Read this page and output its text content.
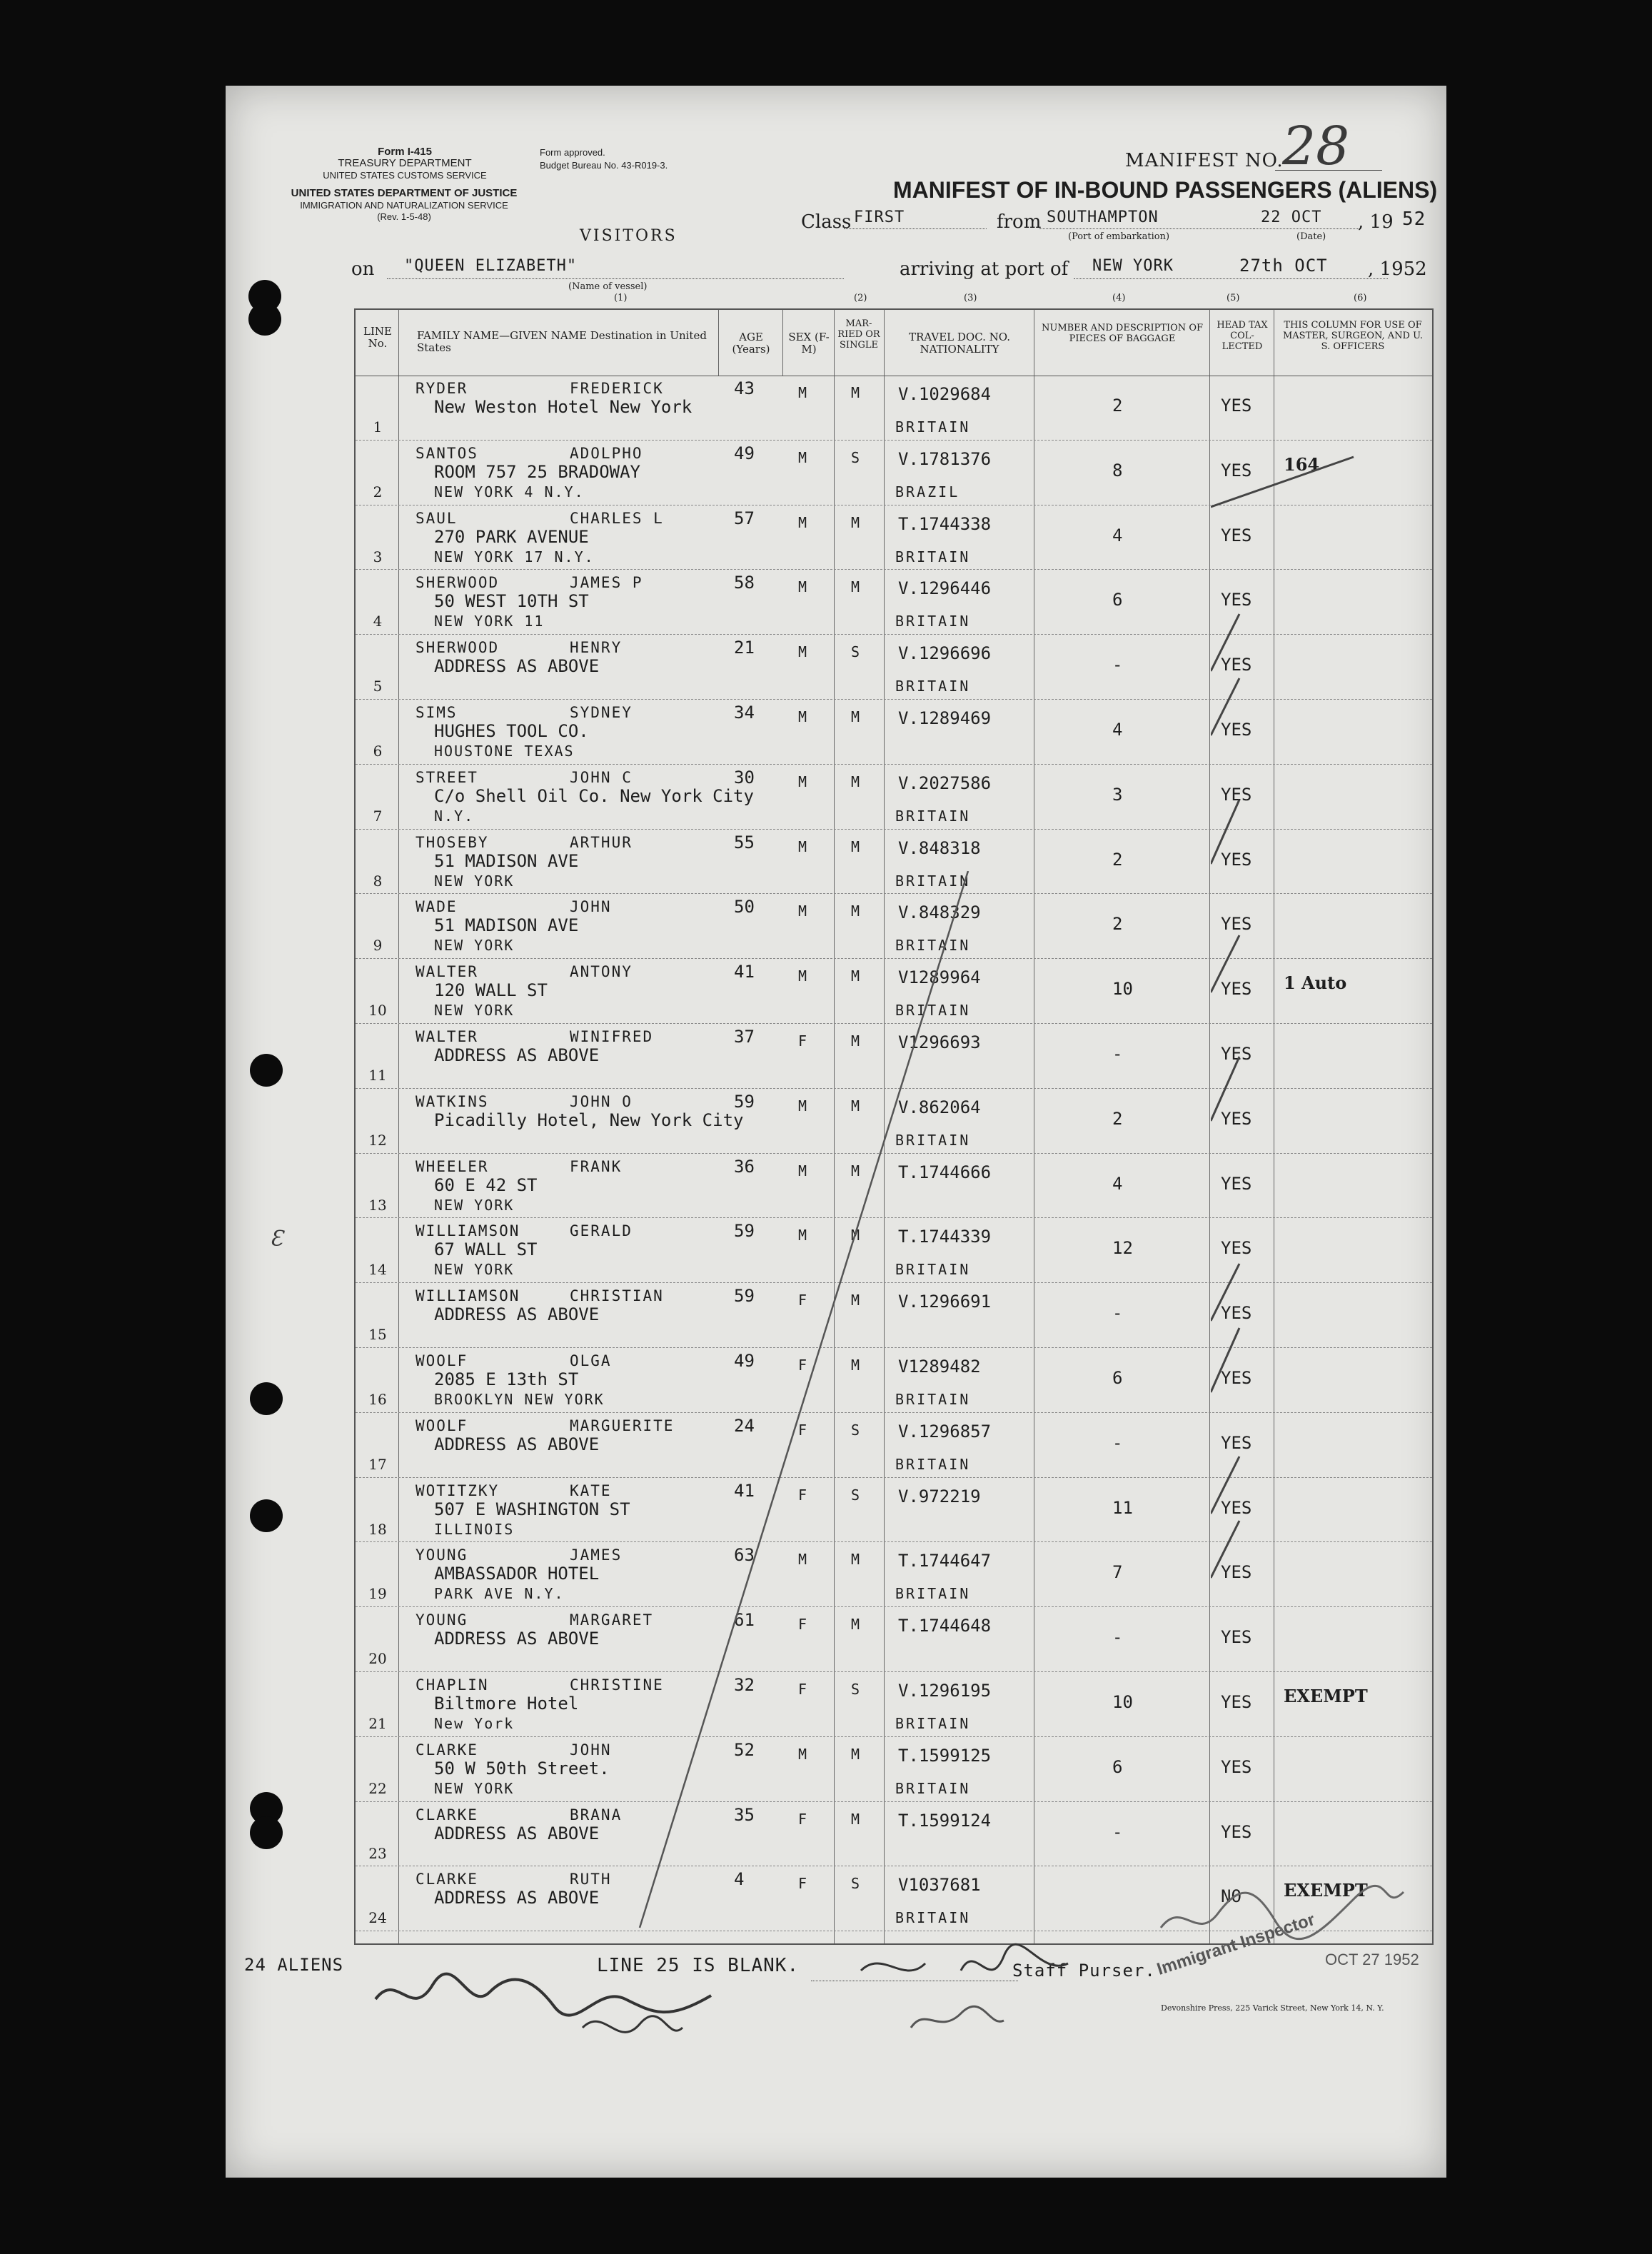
Form I-415
TREASURY DEPARTMENT
UNITED STATES CUSTOMS SERVICE
UNITED STATES DEPARTMENT OF JUSTICE
IMMIGRATION AND NATURALIZATION SERVICE
(Rev. 1-5-48)
Form approved.
Budget Bureau No. 43-R019-3.	MANIFEST NO.
28
MANIFEST OF IN-BOUND PASSENGERS (ALIENS)
VISITORS
Class FIRST	from SOUTHAMPTON
(Port of embarkation)
22 OCT
(Date)
, 19 52
on "QUEEN ELIZABETH"
(Name of vessel)
(1)
arriving at port of NEW YORK	27th OCT , 1952
(2)	(3)	(4)	(5)	(6)
LINE No.
FAMILY NAME—GIVEN NAME Destination in United States
AGE (Years)
SEX (F-M)
MAR-RIED OR SINGLE
TRAVEL DOC. NO. NATIONALITY
NUMBER AND DESCRIPTION OF PIECES OF BAGGAGE
HEAD TAX COL-LECTED
THIS COLUMN FOR USE OF MASTER, SURGEON, AND U. S. OFFICERS
1
RYDER	FREDERICK
New Weston Hotel New York
43	M	M V.1029684
BRITAIN
2	YES
2
SANTOS	ADOLPHO
ROOM 757 25 BRADOWAY
NEW YORK 4 N.Y.
49	M	S V.1781376
BRAZIL
8	YES 164
3
SAUL	CHARLES L
270 PARK AVENUE
NEW YORK 17 N.Y.
57	M	M T.1744338
BRITAIN
4	YES
4
SHERWOOD	JAMES P
50 WEST 10TH ST
NEW YORK 11
58	M	M V.1296446
BRITAIN
6	YES
5
SHERWOOD	HENRY
ADDRESS AS ABOVE
21	M	S V.1296696
BRITAIN
-	YES
6
SIMS	SYDNEY
HUGHES TOOL CO.
HOUSTONE TEXAS
34	M	M V.1289469
4	YES
7
STREET	JOHN C
C/o Shell Oil Co. New York City
N.Y.
30	M	M V.2027586
BRITAIN
3	YES
8
THOSEBY	ARTHUR
51 MADISON AVE
NEW YORK
55	M	M V.848318
BRITAIN
2	YES
9
WADE	JOHN
51 MADISON AVE
NEW YORK
50	M	M V.848329
BRITAIN
2	YES
10
WALTER	ANTONY
120 WALL ST
NEW YORK
41	M	M V1289964
BRITAIN
10	YES 1 Auto
11
WALTER	WINIFRED
ADDRESS AS ABOVE
37	F	M V1296693
-	YES
12
WATKINS	JOHN O
Picadilly Hotel, New York City
59	M	M V.862064
BRITAIN
2	YES
13
WHEELER	FRANK
60 E 42 ST
NEW YORK
36	M	M T.1744666
4	YES
14
WILLIAMSON	GERALD
67 WALL ST
NEW YORK
59	M	M T.1744339
BRITAIN
12	YES
15
WILLIAMSON	CHRISTIAN
ADDRESS AS ABOVE
59	F	M V.1296691
-	YES
16
WOOLF	OLGA
2085 E 13th ST
BROOKLYN NEW YORK
49	F	M V1289482
BRITAIN
6	YES
17
WOOLF	MARGUERITE
ADDRESS AS ABOVE
24	F	S V.1296857
BRITAIN
-	YES
18
WOTITZKY	KATE
507 E WASHINGTON ST
ILLINOIS
41	F	S V.972219
11	YES
19
YOUNG	JAMES
AMBASSADOR HOTEL
PARK AVE N.Y.
63	M	M T.1744647
BRITAIN
7	YES
20
YOUNG	MARGARET
ADDRESS AS ABOVE
61	F	M T.1744648
-	YES
21
CHAPLIN	CHRISTINE
Biltmore Hotel
New York
32	F	S V.1296195
BRITAIN
10	YES EXEMPT
22
CLARKE	JOHN
50 W 50th Street.
NEW YORK
52	M	M T.1599125
BRITAIN
6	YES
23
CLARKE	BRANA
ADDRESS AS ABOVE
35	F	M T.1599124
-	YES
24
CLARKE	RUTH
ADDRESS AS ABOVE
4	F	S V1037681
BRITAIN
NO EXEMPT
Ɛ
24 ALIENS	LINE 25 IS BLANK.	Staff Purser.
Immigrant Inspector OCT 27 1952
Devonshire Press, 225 Varick Street, New York 14, N. Y.
